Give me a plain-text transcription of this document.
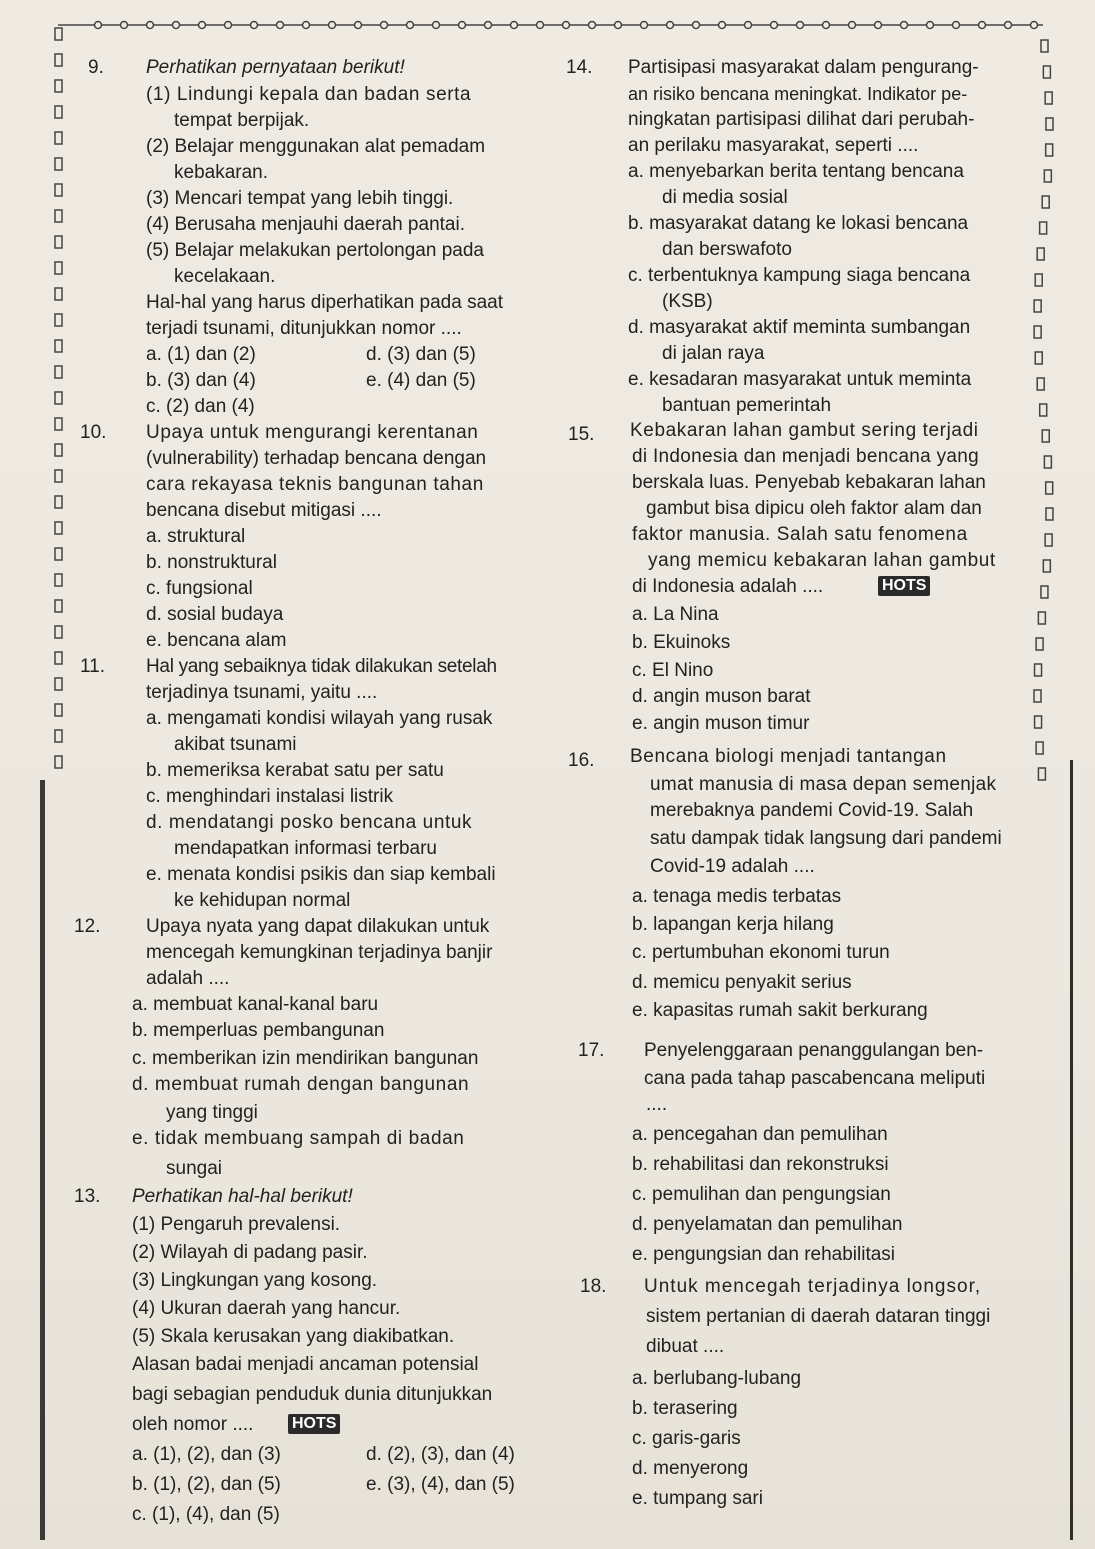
9. Perhatikan pernyataan berikut!
(1) Lindungi kepala dan badan serta
tempat berpijak.
(2) Belajar menggunakan alat pemadam
kebakaran.
(3) Mencari tempat yang lebih tinggi.
(4) Berusaha menjauhi daerah pantai.
(5) Belajar melakukan pertolongan pada
kecelakaan.
Hal-hal yang harus diperhatikan pada saat
terjadi tsunami, ditunjukkan nomor ....
a. (1) dan (2)	d. (3) dan (5)
b. (3) dan (4)	e. (4) dan (5)
c. (2) dan (4)
10. Upaya untuk mengurangi kerentanan
(vulnerability) terhadap bencana dengan
cara rekayasa teknis bangunan tahan
bencana disebut mitigasi ....
a. struktural
b. nonstruktural
c. fungsional
d. sosial budaya
e. bencana alam
11. Hal yang sebaiknya tidak dilakukan setelah
terjadinya tsunami, yaitu ....
a. mengamati kondisi wilayah yang rusak
akibat tsunami
b. memeriksa kerabat satu per satu
c. menghindari instalasi listrik
d. mendatangi posko bencana untuk
mendapatkan informasi terbaru
e. menata kondisi psikis dan siap kembali
ke kehidupan normal
12. Upaya nyata yang dapat dilakukan untuk
mencegah kemungkinan terjadinya banjir
adalah ....
a. membuat kanal-kanal baru
b. memperluas pembangunan
c. memberikan izin mendirikan bangunan
d. membuat rumah dengan bangunan
yang tinggi
e. tidak membuang sampah di badan
sungai
13. Perhatikan hal-hal berikut!
(1) Pengaruh prevalensi.
(2) Wilayah di padang pasir.
(3) Lingkungan yang kosong.
(4) Ukuran daerah yang hancur.
(5) Skala kerusakan yang diakibatkan.
Alasan badai menjadi ancaman potensial
bagi sebagian penduduk dunia ditunjukkan
oleh nomor .... HOTS
a. (1), (2), dan (3)	d. (2), (3), dan (4)
b. (1), (2), dan (5)	e. (3), (4), dan (5)
c. (1), (4), dan (5)
14. Partisipasi masyarakat dalam pengurang-
an risiko bencana meningkat. Indikator pe-
ningkatan partisipasi dilihat dari perubah-
an perilaku masyarakat, seperti ....
a. menyebarkan berita tentang bencana
di media sosial
b. masyarakat datang ke lokasi bencana
dan berswafoto
c. terbentuknya kampung siaga bencana
(KSB)
d. masyarakat aktif meminta sumbangan
di jalan raya
e. kesadaran masyarakat untuk meminta
bantuan pemerintah
15. Kebakaran lahan gambut sering terjadi
di Indonesia dan menjadi bencana yang
berskala luas. Penyebab kebakaran lahan
gambut bisa dipicu oleh faktor alam dan
faktor manusia. Salah satu fenomena
yang memicu kebakaran lahan gambut
di Indonesia adalah ....	HOTS
a. La Nina
b. Ekuinoks
c. El Nino
d. angin muson barat
e. angin muson timur
16. Bencana biologi menjadi tantangan
umat manusia di masa depan semenjak
merebaknya pandemi Covid-19. Salah
satu dampak tidak langsung dari pandemi
Covid-19 adalah ....
a. tenaga medis terbatas
b. lapangan kerja hilang
c. pertumbuhan ekonomi turun
d. memicu penyakit serius
e. kapasitas rumah sakit berkurang
17. Penyelenggaraan penanggulangan ben-
cana pada tahap pascabencana meliputi
....
a. pencegahan dan pemulihan
b. rehabilitasi dan rekonstruksi
c. pemulihan dan pengungsian
d. penyelamatan dan pemulihan
e. pengungsian dan rehabilitasi
18. Untuk mencegah terjadinya longsor,
sistem pertanian di daerah dataran tinggi
dibuat ....
a. berlubang-lubang
b. terasering
c. garis-garis
d. menyerong
e. tumpang sari
